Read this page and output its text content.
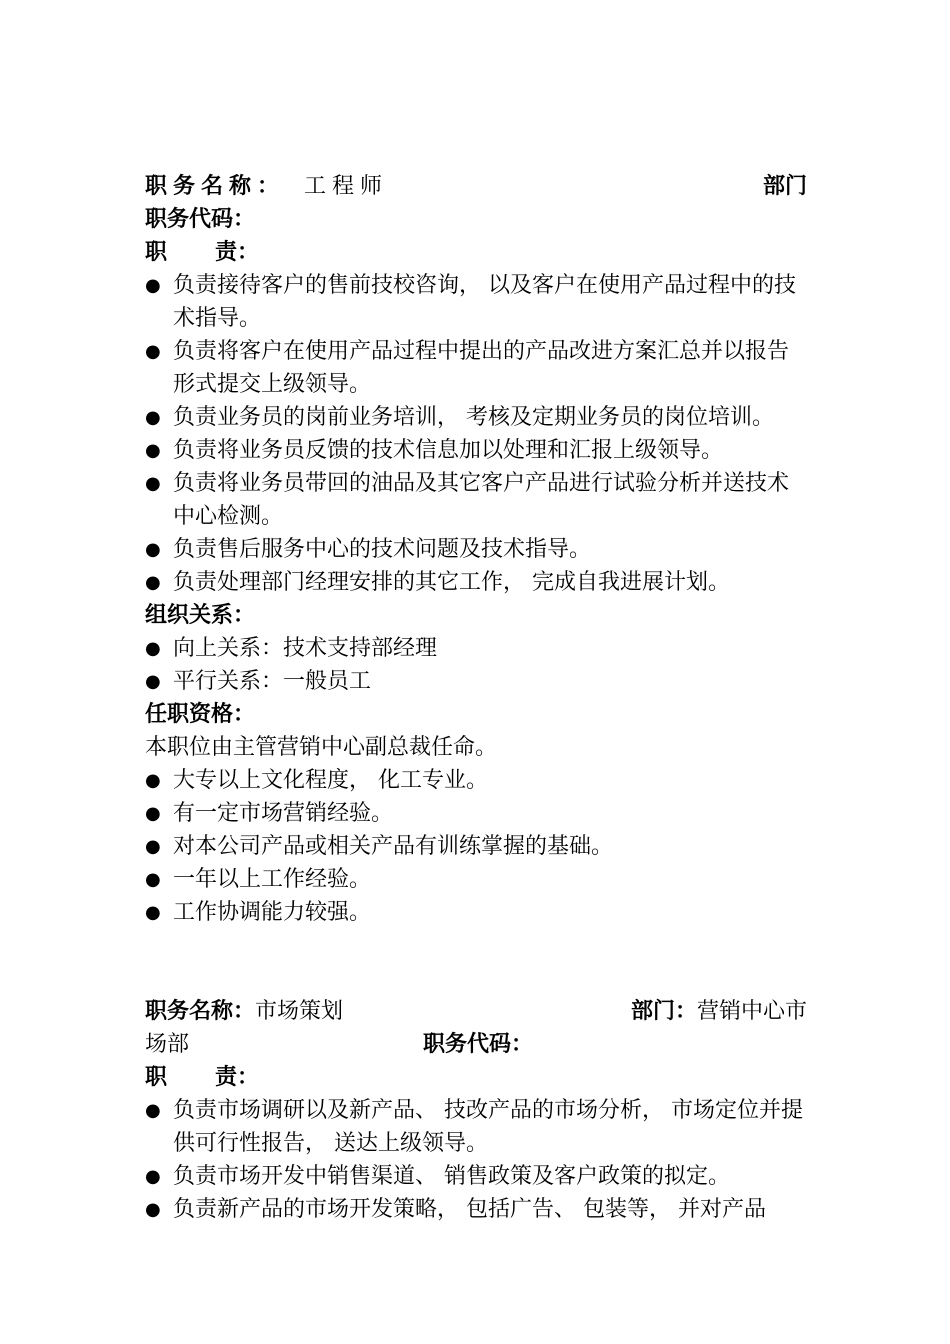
职务名称： 工程师	部门
职务代码：
职 责：
● 负责接待客户的售前技校咨询， 以及客户在使用产品过程中的技术指导。
● 负责将客户在使用产品过程中提出的产品改进方案汇总并以报告形式提交上级领导。
● 负责业务员的岗前业务培训， 考核及定期业务员的岗位培训。
● 负责将业务员反馈的技术信息加以处理和汇报上级领导。
● 负责将业务员带回的油品及其它客户产品进行试验分析并送技术中心检测。
● 负责售后服务中心的技术问题及技术指导。
● 负责处理部门经理安排的其它工作， 完成自我进展计划。
组织关系：
● 向上关系：技术支持部经理
● 平行关系：一般员工
任职资格：
本职位由主管营销中心副总裁任命。
● 大专以上文化程度， 化工专业。
● 有一定市场营销经验。
● 对本公司产品或相关产品有训练掌握的基础。
● 一年以上工作经验。
● 工作协调能力较强。
职务名称：市场策划	部门：营销中心市
场部	职务代码：
职 责：
● 负责市场调研以及新产品、 技改产品的市场分析， 市场定位并提供可行性报告， 送达上级领导。
● 负责市场开发中销售渠道、 销售政策及客户政策的拟定。
● 负责新产品的市场开发策略， 包括广告、 包装等， 并对产品
